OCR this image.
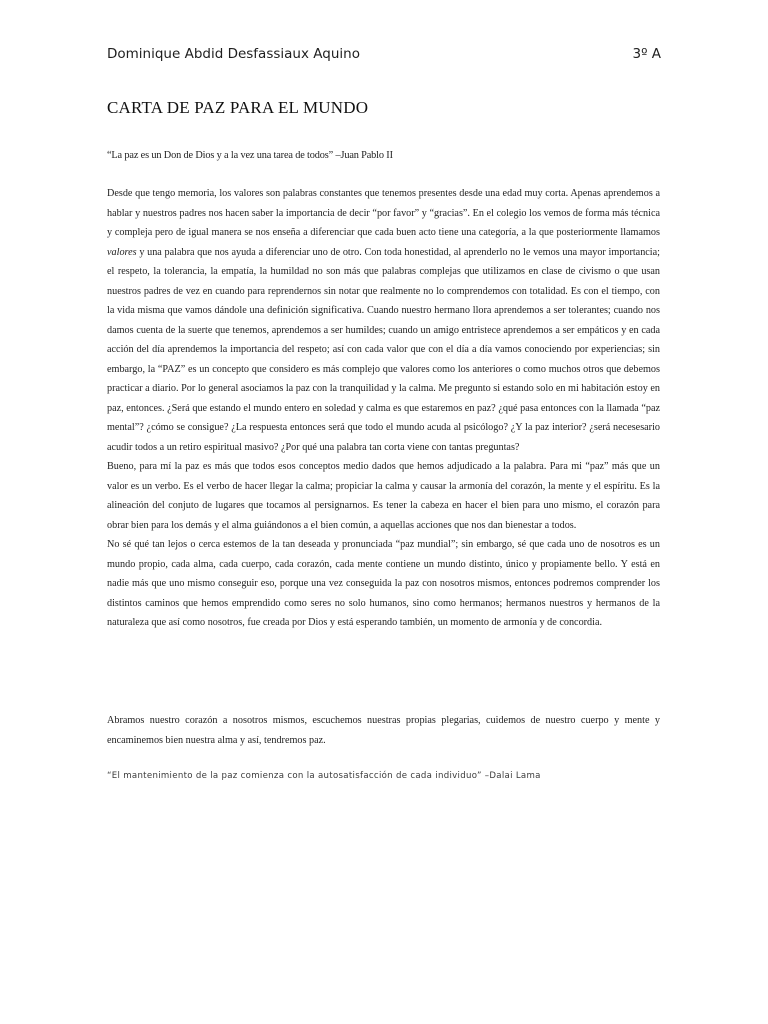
Dominique Abdid Desfassiaux Aquino	3º A
CARTA DE PAZ PARA EL MUNDO
“La paz es un Don de Dios y a la vez una tarea de todos” –Juan Pablo II

Desde que tengo memoria, los valores son palabras constantes que tenemos presentes desde una edad muy corta. Apenas aprendemos a hablar y nuestros padres nos hacen saber la importancia de decir “por favor” y “gracias”. En el colegio los vemos de forma más técnica y compleja pero de igual manera se nos enseña a diferenciar que cada buen acto tiene una categoría, a la que posteriormente llamamos valores y una palabra que nos ayuda a diferenciar uno de otro. Con toda honestidad, al aprenderlo no le vemos una mayor importancia; el respeto, la tolerancia, la empatía, la humildad no son más que palabras complejas que utilizamos en clase de civismo o que usan nuestros padres de vez en cuando para reprendernos sin notar que realmente no lo comprendemos con totalidad. Es con el tiempo, con la vida misma que vamos dándole una definición significativa. Cuando nuestro hermano llora aprendemos a ser tolerantes; cuando nos damos cuenta de la suerte que tenemos, aprendemos a ser humildes; cuando un amigo entristece aprendemos a ser empáticos y en cada acción del día aprendemos la importancia del respeto; así con cada valor que con el día a día vamos conociendo por experiencias; sin embargo, la “PAZ” es un concepto que considero es más complejo que valores como los anteriores o como muchos otros que debemos practicar a diario. Por lo general asociamos la paz con la tranquilidad y la calma. Me pregunto si estando solo en mi habitación estoy en paz, entonces. ¿Será que estando el mundo entero en soledad y calma es que estaremos en paz? ¿qué pasa entonces con la llamada “paz mental”? ¿cómo se consigue? ¿La respuesta entonces será que todo el mundo acuda al psicólogo? ¿Y la paz interior? ¿será necesesario acudir todos a un retiro espiritual masivo? ¿Por qué una palabra tan corta viene con tantas preguntas?

Bueno, para mí la paz es más que todos esos conceptos medio dados que hemos adjudicado a la palabra. Para mi “paz” más que un valor es un verbo. Es el verbo de hacer llegar la calma; propiciar la calma y causar la armonía del corazón, la mente y el espíritu. Es la alineación del conjuto de lugares que tocamos al persignarnos. Es tener la cabeza en hacer el bien para uno mismo, el corazón para obrar bien para los demás y el alma guiándonos a el bien común, a aquellas acciones que nos dan bienestar a todos.

No sé qué tan lejos o cerca estemos de la tan deseada y pronunciada “paz mundial”; sin embargo, sé que cada uno de nosotros es un mundo propio, cada alma, cada cuerpo, cada corazón, cada mente contiene un mundo distinto, único y propiamente bello. Y está en nadie más que uno mismo conseguir eso, porque una vez conseguida la paz con nosotros mismos, entonces podremos comprender los distintos caminos que hemos emprendido como seres no solo humanos, sino como hermanos; hermanos nuestros y hermanos de la naturaleza que así como nosotros, fue creada por Dios y está esperando también, un momento de armonía y de concordia.

Abramos nuestro corazón a nosotros mismos, escuchemos nuestras propias plegarias, cuidemos de nuestro cuerpo y mente y encaminemos bien nuestra alma y así, tendremos paz.

“El mantenimiento de la paz comienza con la autosatisfacción de cada individuo” –Dalai Lama
